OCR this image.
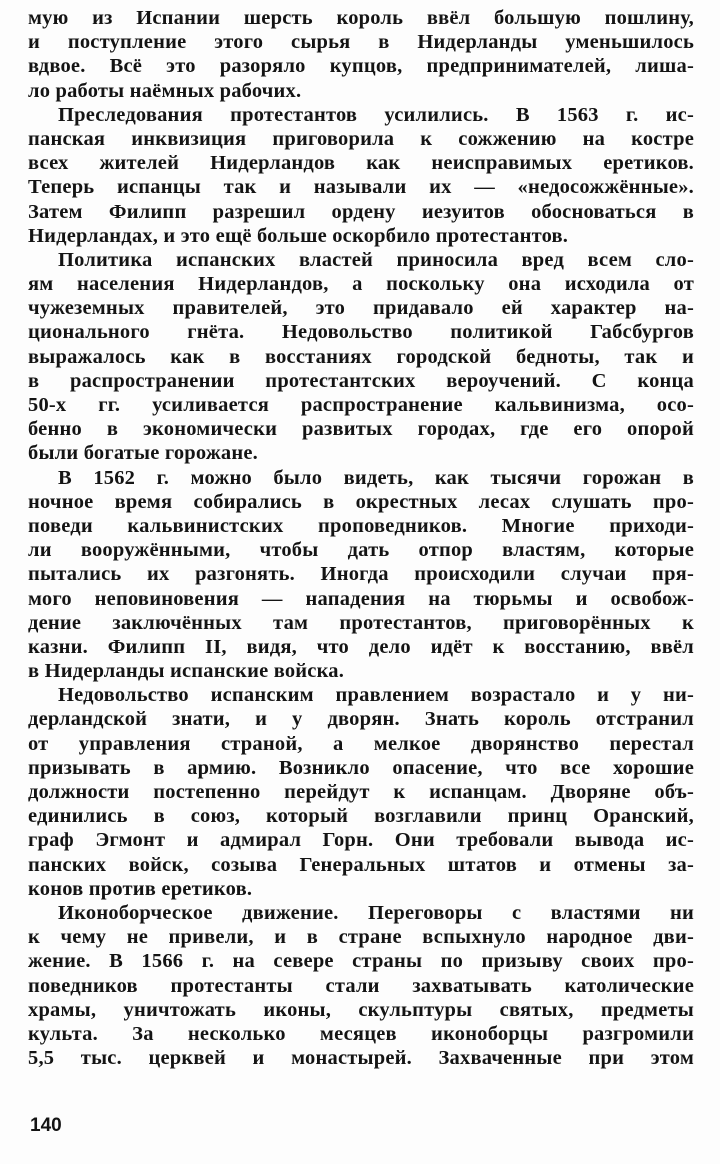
мую из Испании шерсть король ввёл большую пошлину,
и поступление этого сырья в Нидерланды уменьшилось
вдвое. Всё это разоряло купцов, предпринимателей, лиша-
ло работы наёмных рабочих.
Преследования протестантов усилились. В 1563 г. ис-
панская инквизиция приговорила к сожжению на костре
всех жителей Нидерландов как неисправимых еретиков.
Теперь испанцы так и называли их — «недосожжённые».
Затем Филипп разрешил ордену иезуитов обосноваться в
Нидерландах, и это ещё больше оскорбило протестантов.
Политика испанских властей приносила вред всем сло-
ям населения Нидерландов, а поскольку она исходила от
чужеземных правителей, это придавало ей характер на-
ционального гнёта. Недовольство политикой Габсбургов
выражалось как в восстаниях городской бедноты, так и
в распространении протестантских вероучений. С конца
50-х гг. усиливается распространение кальвинизма, осо-
бенно в экономически развитых городах, где его опорой
были богатые горожане.
В 1562 г. можно было видеть, как тысячи горожан в
ночное время собирались в окрестных лесах слушать про-
поведи кальвинистских проповедников. Многие приходи-
ли вооружёнными, чтобы дать отпор властям, которые
пытались их разгонять. Иногда происходили случаи пря-
мого неповиновения — нападения на тюрьмы и освобож-
дение заключённых там протестантов, приговорённых к
казни. Филипп II, видя, что дело идёт к восстанию, ввёл
в Нидерланды испанские войска.
Недовольство испанским правлением возрастало и у ни-
дерландской знати, и у дворян. Знать король отстранил
от управления страной, а мелкое дворянство перестал
призывать в армию. Возникло опасение, что все хорошие
должности постепенно перейдут к испанцам. Дворяне объ-
единились в союз, который возглавили принц Оранский,
граф Эгмонт и адмирал Горн. Они требовали вывода ис-
панских войск, созыва Генеральных штатов и отмены за-
конов против еретиков.
Иконоборческое движение. Переговоры с властями ни
к чему не привели, и в стране вспыхнуло народное дви-
жение. В 1566 г. на севере страны по призыву своих про-
поведников протестанты стали захватывать католические
храмы, уничтожать иконы, скульптуры святых, предметы
культа. За несколько месяцев иконоборцы разгромили
5,5 тыс. церквей и монастырей. Захваченные при этом
140
